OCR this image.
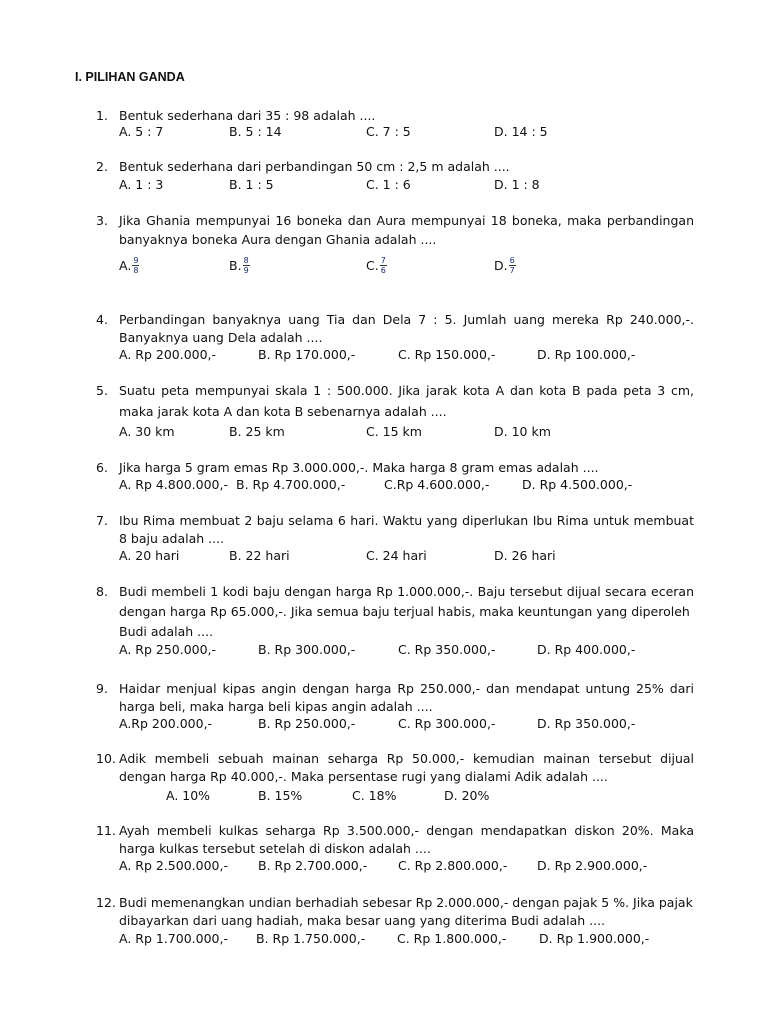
I. PILIHAN GANDA
1. Bentuk sederhana dari 35 : 98 adalah ....
A. 5 : 7	B. 5 : 14	C. 7 : 5	D. 14 : 5
2. Bentuk sederhana dari perbandingan 50 cm : 2,5 m adalah ....
A. 1 : 3	B. 1 : 5	C. 1 : 6	D. 1 : 8
3. Jika Ghania mempunyai 16 boneka dan Aura mempunyai 18 boneka, maka perbandingan
banyaknya boneka Aura dengan Ghania adalah ....
A. $\frac{9}{8}$	B. $\frac{8}{9}$	C. $\frac{7}{6}$	D. $\frac{6}{7}$
4. Perbandingan banyaknya uang Tia dan Dela 7 : 5. Jumlah uang mereka Rp 240.000,-.
Banyaknya uang Dela adalah ....
A. Rp 200.000,-	B. Rp 170.000,-	C. Rp 150.000,-	D. Rp 100.000,-
5. Suatu peta mempunyai skala 1 : 500.000. Jika jarak kota A dan kota B pada peta 3 cm,
maka jarak kota A dan kota B sebenarnya adalah ....
A. 30 km	B. 25 km	C. 15 km	D. 10 km
6. Jika harga 5 gram emas Rp 3.000.000,-. Maka harga 8 gram emas adalah ....
A. Rp 4.800.000,- B. Rp 4.700.000,-	C.Rp 4.600.000,-	D. Rp 4.500.000,-
7. Ibu Rima membuat 2 baju selama 6 hari. Waktu yang diperlukan Ibu Rima untuk membuat
8 baju adalah ....
A. 20 hari	B. 22 hari	C. 24 hari	D. 26 hari
8. Budi membeli 1 kodi baju dengan harga Rp 1.000.000,-. Baju tersebut dijual secara eceran
dengan harga Rp 65.000,-. Jika semua baju terjual habis, maka keuntungan yang diperoleh
Budi adalah ....
A. Rp 250.000,-	B. Rp 300.000,-	C. Rp 350.000,-	D. Rp 400.000,-
9. Haidar menjual kipas angin dengan harga Rp 250.000,- dan mendapat untung 25% dari
harga beli, maka harga beli kipas angin adalah ....
A.Rp 200.000,-	B. Rp 250.000,-	C. Rp 300.000,-	D. Rp 350.000,-
10. Adik membeli sebuah mainan seharga Rp 50.000,- kemudian mainan tersebut dijual
dengan harga Rp 40.000,-. Maka persentase rugi yang dialami Adik adalah ....
A. 10%	B. 15%	C. 18%	D. 20%
11. Ayah membeli kulkas seharga Rp 3.500.000,- dengan mendapatkan diskon 20%. Maka
harga kulkas tersebut setelah di diskon adalah ....
A. Rp 2.500.000,- B. Rp 2.700.000,- C. Rp 2.800.000,- D. Rp 2.900.000,-
12. Budi memenangkan undian berhadiah sebesar Rp 2.000.000,- dengan pajak 5 %. Jika pajak
dibayarkan dari uang hadiah, maka besar uang yang diterima Budi adalah ....
A. Rp 1.700.000,- B. Rp 1.750.000,-	C. Rp 1.800.000,-	D. Rp 1.900.000,-
